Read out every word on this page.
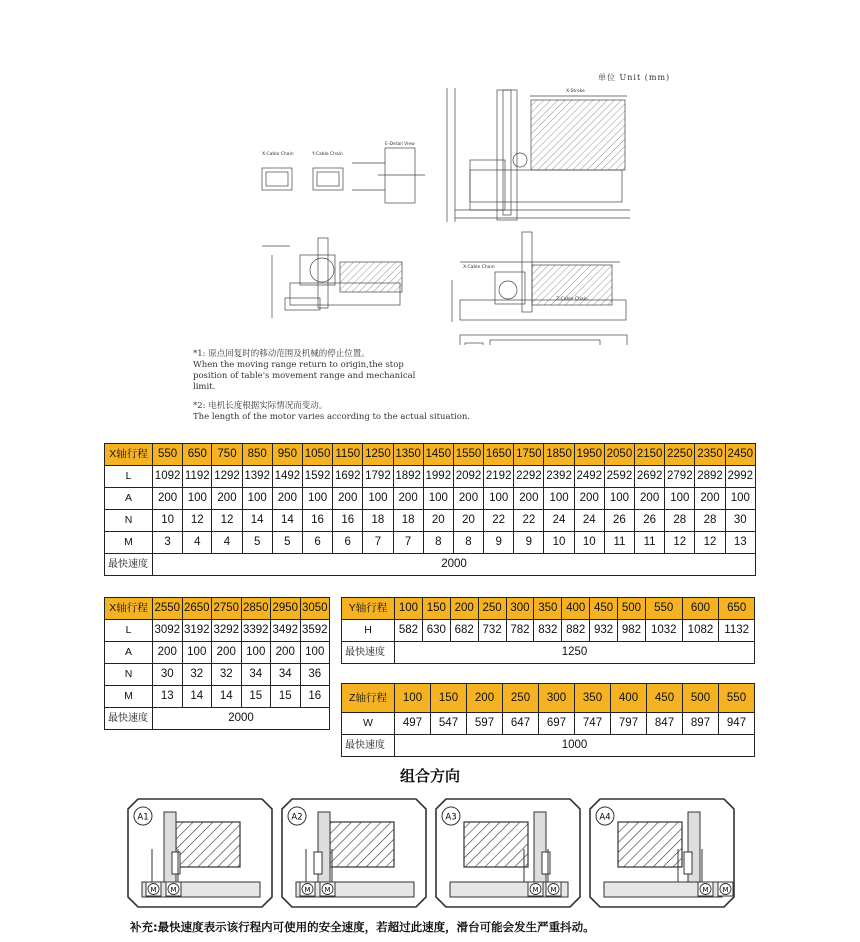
单位 Unit (mm)
X-Cable Chain	Y-Cable Chain
E-Detail View
X-Stroke
X-Cable Chain
Z-Cable Chain
*1: 原点回复时的移动范围及机械的停止位置。
When the moving range return to origin,the stop
position of table's movement range and mechanical
limit.
*2: 电机长度根据实际情况而变动。
The length of the motor varies according to the actual situation.
X轴行程	550	650	750	850	950	1050	1150	1250	1350	1450	1550	1650	1750	1850	1950	2050	2150	2250	2350	2450
L	1092	1192	1292	1392	1492	1592	1692	1792	1892	1992	2092	2192	2292	2392	2492	2592	2692	2792	2892	2992
A	200	100	200	100	200	100	200	100	200	100	200	100	200	100	200	100	200	100	200	100
N	10	12	12	14	14	16	16	18	18	20	20	22	22	24	24	26	26	28	28	30
M	3	4	4	5	5	6	6	7	7	8	8	9	9	10	10	11	11	12	12	13
最快速度	2000																			
X轴行程	2550	2650	2750	2850	2950	3050
L	3092	3192	3292	3392	3492	3592
A	200	100	200	100	200	100
N	30	32	32	34	34	36
M	13	14	14	15	15	16
最快速度	2000					
Y轴行程	100	150	200	250	300	350	400	450	500	550	600	650
H	582	630	682	732	782	832	882	932	982	1032	1082	1132
最快速度	1250											
Z轴行程	100	150	200	250	300	350	400	450	500	550
W	497	547	597	647	697	747	797	847	897	947
最快速度	1000									
组合方向
A1
M M
A2
M M
A3
M M
A4
M M
补充:最快速度表示该行程内可使用的安全速度，若超过此速度，滑台可能会发生严重抖动。
